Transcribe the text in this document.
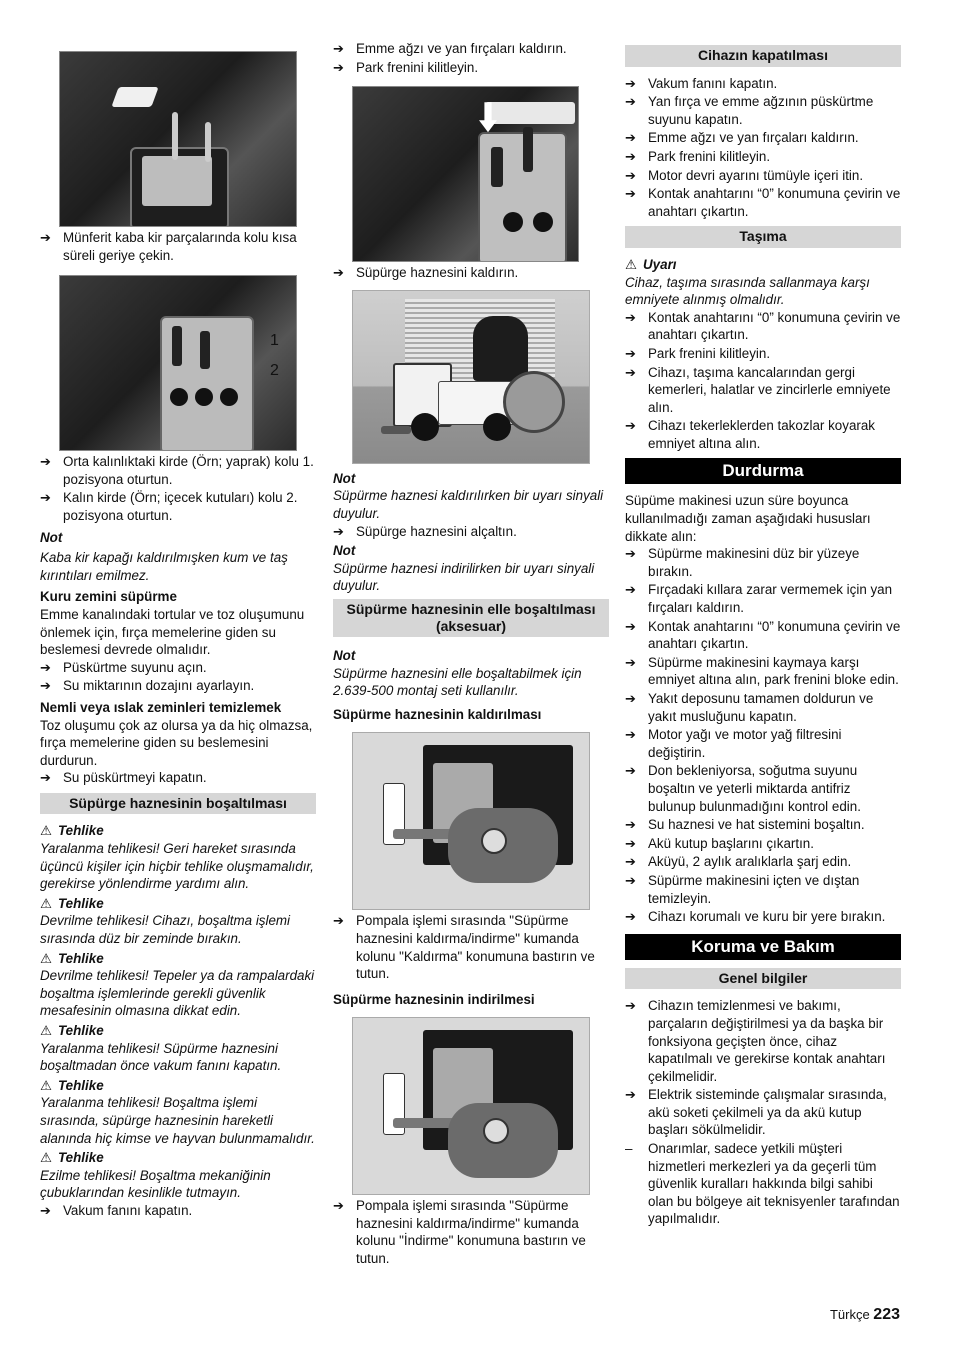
➔ Münferit kaba kir parçalarında kolu kısa süreli geriye çekin.
1
2
➔ Orta kalınlıktaki kirde (Örn; yaprak) kolu 1. pozisyona oturtun.
➔ Kalın kirde (Örn; içecek kutuları) kolu 2. pozisyona oturtun.

Not

Kaba kir kapağı kaldırılmışken kum ve taş kırıntıları emilmez.

Kuru zemini süpürme

Emme kanalındaki tortular ve toz oluşumunu önlemek için, fırça memelerine giden su beslemesi devrede olmalıdır.

➔ Püskürtme suyunu açın.
➔ Su miktarının dozajını ayarlayın.

Nemli veya ıslak zeminleri temizlemek

Toz oluşumu çok az olursa ya da hiç olmazsa, fırça memelerine giden su beslemesini durdurun.

➔ Su püskürtmeyi kapatın.
Süpürge haznesinin boşaltılması

⚠ Tehlike

Yaralanma tehlikesi! Geri hareket sırasında üçüncü kişiler için hiçbir tehlike oluşmamalıdır, gerekirse yönlendirme yardımı alın.

⚠ Tehlike

Devrilme tehlikesi! Cihazı, boşaltma işlemi sırasında düz bir zeminde bırakın.

⚠ Tehlike

Devrilme tehlikesi! Tepeler ya da rampalardaki boşaltma işlemlerinde gerekli güvenlik mesafesinin olmasına dikkat edin.

⚠ Tehlike

Yaralanma tehlikesi! Süpürme haznesini boşaltmadan önce vakum fanını kapatın.

⚠ Tehlike

Yaralanma tehlikesi! Boşaltma işlemi sırasında, süpürge haznesinin hareketli alanında hiç kimse ve hayvan bulunmamalıdır.

⚠ Tehlike

Ezilme tehlikesi! Boşaltma mekaniğinin çubuklarından kesinlikle tutmayın.

➔ Vakum fanını kapatın.
➔ Emme ağzı ve yan fırçaları kaldırın.
➔ Park frenini kilitleyin.
➔ Süpürge haznesini kaldırın.

Not

Süpürme haznesi kaldırılırken bir uyarı sinyali duyulur.

➔ Süpürge haznesini alçaltın.

Not

Süpürme haznesi indirilirken bir uyarı sinyali duyulur.

Süpürme haznesinin elle boşaltılması (aksesuar)

Not

Süpürme haznesini elle boşaltabilmek için 2.639-500 montaj seti kullanılır.

Süpürme haznesinin kaldırılması

➔ Pompala işlemi sırasında "Süpürme haznesini kaldırma/indirme" kumanda kolunu "Kaldırma" konumuna bastırın ve tutun.

Süpürme haznesinin indirilmesi

➔ Pompala işlemi sırasında "Süpürme haznesini kaldırma/indirme" kumanda kolunu "İndirme" konumuna bastırın ve tutun.
Cihazın kapatılması
➔ Vakum fanını kapatın.
➔ Yan fırça ve emme ağzının püskürtme suyunu kapatın.
➔ Emme ağzı ve yan fırçaları kaldırın.
➔ Park frenini kilitleyin.
➔ Motor devri ayarını tümüyle içeri itin.
➔ Kontak anahtarını “0” konumuna çevirin ve anahtarı çıkartın.
Taşıma

⚠ Uyarı

Cihaz, taşıma sırasında sallanmaya karşı emniyete alınmış olmalıdır.

➔ Kontak anahtarını “0” konumuna çevirin ve anahtarı çıkartın.
➔ Park frenini kilitleyin.
➔ Cihazı, taşıma kancalarından gergi kemerleri, halatlar ve zincirlerle emniyete alın.
➔ Cihazı tekerleklerden takozlar koyarak emniyet altına alın.
Durdurma

Süpüme makinesi uzun süre boyunca kullanılmadığı zaman aşağıdaki hususları dikkate alın:

➔ Süpürme makinesini düz bir yüzeye bırakın.
➔ Fırçadaki kıllara zarar vermemek için yan fırçaları kaldırın.
➔ Kontak anahtarını “0” konumuna çevirin ve anahtarı çıkartın.
➔ Süpürme makinesini kaymaya karşı emniyet altına alın, park frenini bloke edin.
➔ Yakıt deposunu tamamen doldurun ve yakıt musluğunu kapatın.
➔ Motor yağı ve motor yağ filtresini değiştirin.
➔ Don bekleniyorsa, soğutma suyunu boşaltın ve yeterli miktarda antifriz bulunup bulunmadığını kontrol edin.
➔ Su haznesi ve hat sistemini boşaltın.
➔ Akü kutup başlarını çıkartın.
➔ Aküyü, 2 aylık aralıklarla şarj edin.
➔ Süpürme makinesini içten ve dıştan temizleyin.
➔ Cihazı korumalı ve kuru bir yere bırakın.
Koruma ve Bakım
Genel bilgiler
➔ Cihazın temizlenmesi ve bakımı, parçaların değiştirilmesi ya da başka bir fonksiyona geçişten önce, cihaz kapatılmalı ve gerekirse kontak anahtarı çekilmelidir.
➔ Elektrik sisteminde çalışmalar sırasında, akü soketi çekilmeli ya da akü kutup başları sökülmelidir.
– Onarımlar, sadece yetkili müşteri hizmetleri merkezleri ya da geçerli tüm güvenlik kuralları hakkında bilgi sahibi olan bu bölgeye ait teknisyenler tarafından yapılmalıdır.
Türkçe 223
